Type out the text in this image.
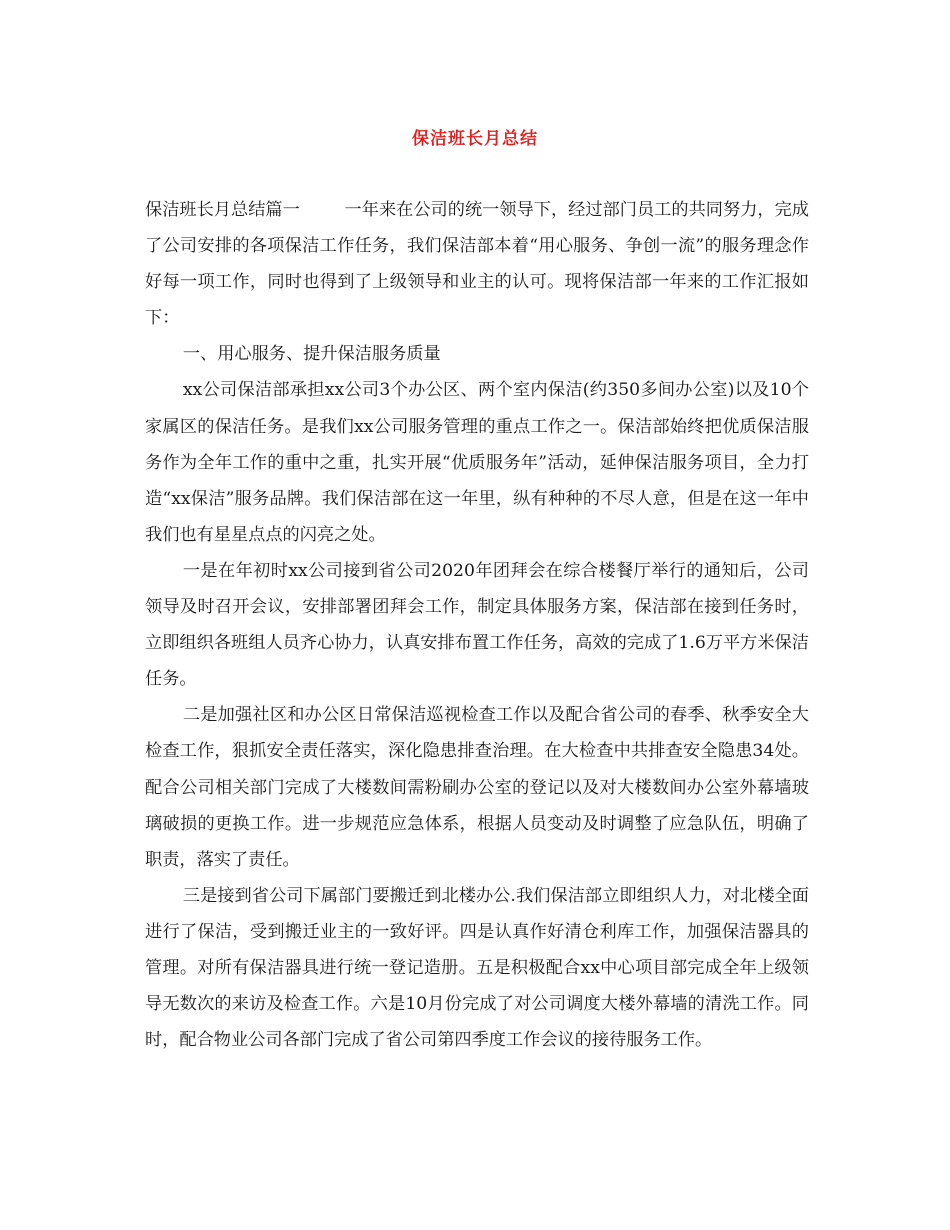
保洁班长月总结

保洁班长月总结篇一	一年来在公司的统一领导下，经过部门员工的共同努力，完成了公司安排的各项保洁工作任务，我们保洁部本着“用心服务、争创一流”的服务理念作好每一项工作，同时也得到了上级领导和业主的认可。现将保洁部一年来的工作汇报如下：

一、用心服务、提升保洁服务质量

xx公司保洁部承担xx公司3个办公区、两个室内保洁(约350多间办公室)以及10个家属区的保洁任务。是我们xx公司服务管理的重点工作之一。保洁部始终把优质保洁服务作为全年工作的重中之重，扎实开展“优质服务年”活动，延伸保洁服务项目，全力打造“xx保洁”服务品牌。我们保洁部在这一年里，纵有种种的不尽人意，但是在这一年中我们也有星星点点的闪亮之处。

一是在年初时xx公司接到省公司2020年团拜会在综合楼餐厅举行的通知后，公司领导及时召开会议，安排部署团拜会工作，制定具体服务方案，保洁部在接到任务时，立即组织各班组人员齐心协力，认真安排布置工作任务，高效的完成了1.6万平方米保洁任务。

二是加强社区和办公区日常保洁巡视检查工作以及配合省公司的春季、秋季安全大检查工作，狠抓安全责任落实，深化隐患排查治理。在大检查中共排查安全隐患34处。配合公司相关部门完成了大楼数间需粉刷办公室的登记以及对大楼数间办公室外幕墙玻璃破损的更换工作。进一步规范应急体系，根据人员变动及时调整了应急队伍，明确了职责，落实了责任。

三是接到省公司下属部门要搬迁到北楼办公.我们保洁部立即组织人力，对北楼全面进行了保洁，受到搬迁业主的一致好评。四是认真作好清仓利库工作，加强保洁器具的管理。对所有保洁器具进行统一登记造册。五是积极配合xx中心项目部完成全年上级领导无数次的来访及检查工作。六是10月份完成了对公司调度大楼外幕墙的清洗工作。同时，配合物业公司各部门完成了省公司第四季度工作会议的接待服务工作。
